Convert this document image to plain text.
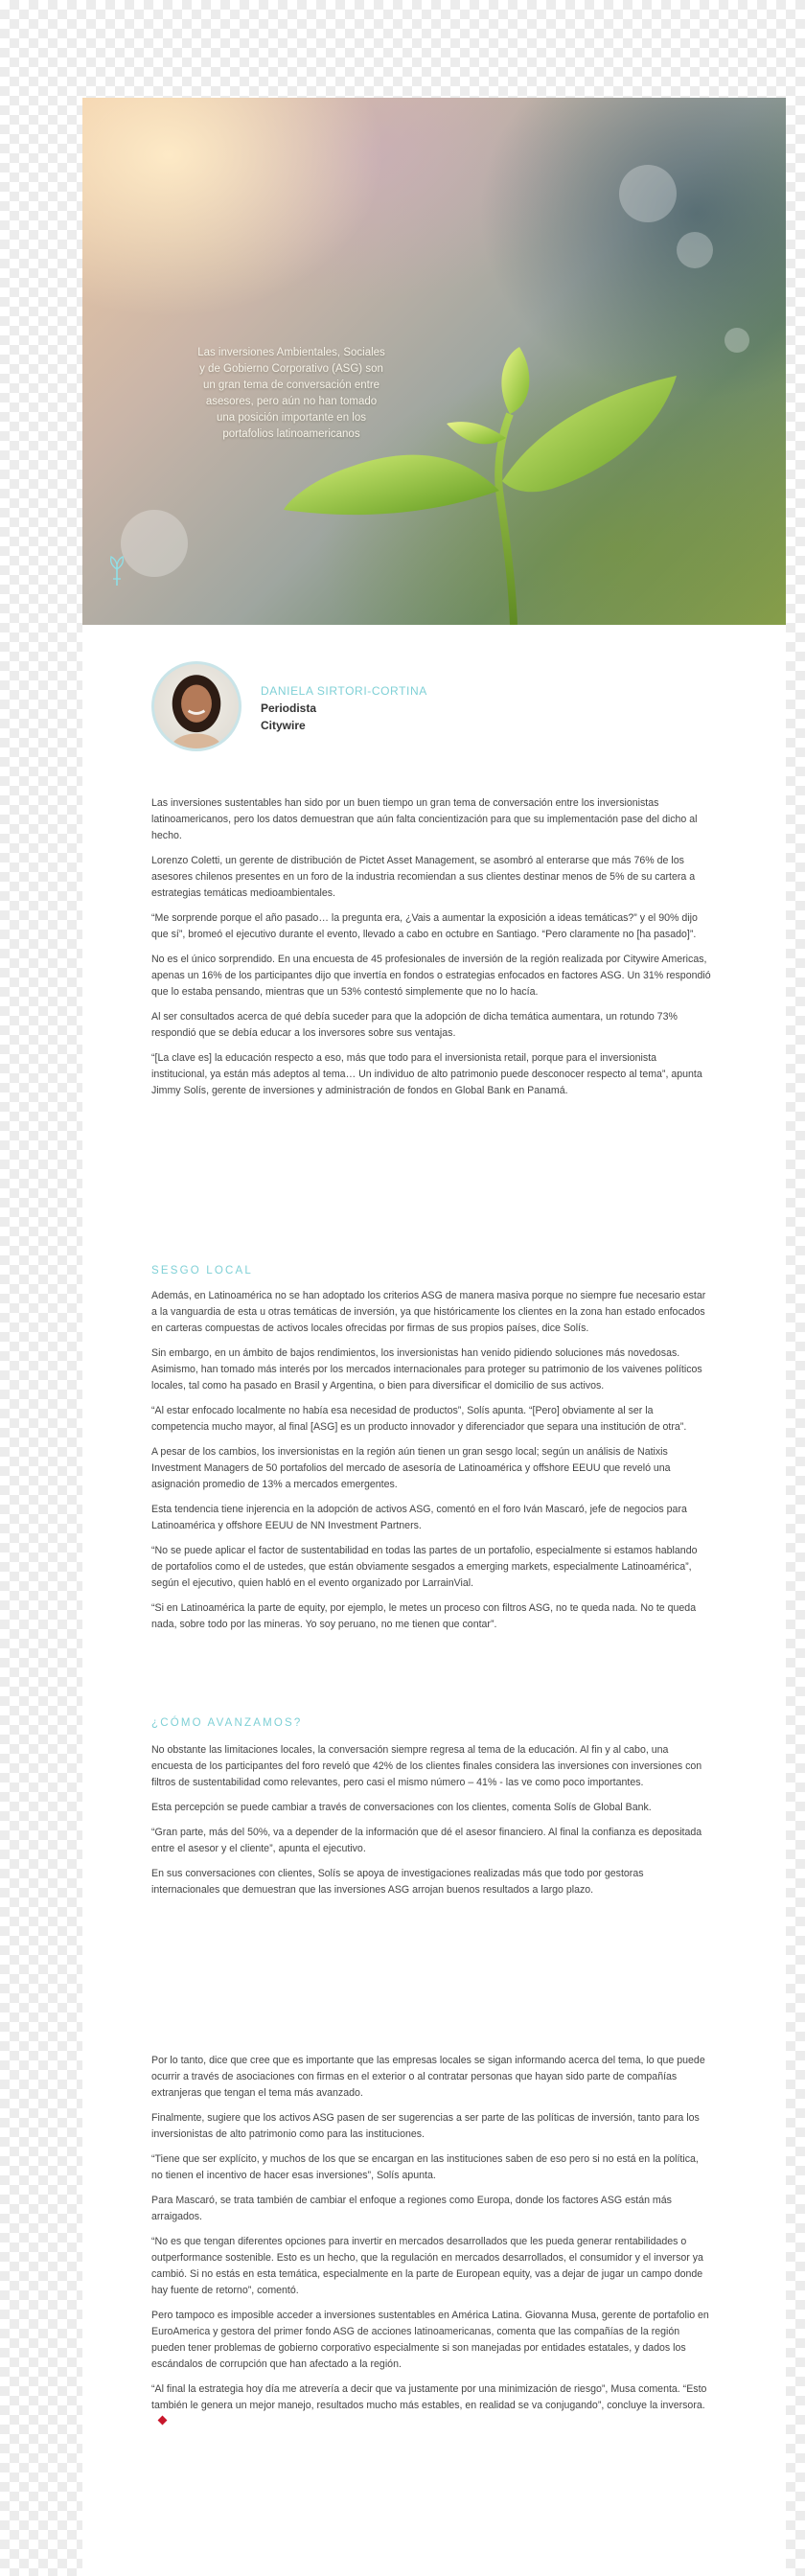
Las inversiones Ambientales, Sociales y de Gobierno Corporativo (ASG) son un gran tema de conversación entre asesores, pero aún no han tomado una posición importante en los portafolios latinoamericanos
DANIELA SIRTORI-CORTINA
Periodista
Citywire

Las inversiones sustentables han sido por un buen tiempo un gran tema de conversación entre los inversionistas latinoamericanos, pero los datos demuestran que aún falta concientización para que su implementación pase del dicho al hecho.

Lorenzo Coletti, un gerente de distribución de Pictet Asset Management, se asombró al enterarse que más 76% de los asesores chilenos presentes en un foro de la industria recomiendan a sus clientes destinar menos de 5% de su cartera a estrategias temáticas medioambientales.

“Me sorprende porque el año pasado… la pregunta era, ¿Vais a aumentar la exposición a ideas temáticas?” y el 90% dijo que sí”, bromeó el ejecutivo durante el evento, llevado a cabo en octubre en Santiago. “Pero claramente no [ha pasado]”.

No es el único sorprendido. En una encuesta de 45 profesionales de inversión de la región realizada por Citywire Americas, apenas un 16% de los participantes dijo que invertía en fondos o estrategias enfocados en factores ASG. Un 31% respondió que lo estaba pensando, mientras que un 53% contestó simplemente que no lo hacía.

Al ser consultados acerca de qué debía suceder para que la adopción de dicha temática aumentara, un rotundo 73% respondió que se debía educar a los inversores sobre sus ventajas.

“[La clave es] la educación respecto a eso, más que todo para el inversionista retail, porque para el inversionista institucional, ya están más adeptos al tema… Un individuo de alto patrimonio puede desconocer respecto al tema”, apunta Jimmy Solís, gerente de inversiones y administración de fondos en Global Bank en Panamá.

SESGO LOCAL

Además, en Latinoamérica no se han adoptado los criterios ASG de manera masiva porque no siempre fue necesario estar a la vanguardia de esta u otras temáticas de inversión, ya que históricamente los clientes en la zona han estado enfocados en carteras compuestas de activos locales ofrecidas por firmas de sus propios países, dice Solís.

Sin embargo, en un ámbito de bajos rendimientos, los inversionistas han venido pidiendo soluciones más novedosas. Asimismo, han tomado más interés por los mercados internacionales para proteger su patrimonio de los vaivenes políticos locales, tal como ha pasado en Brasil y Argentina, o bien para diversificar el domicilio de sus activos.

“Al estar enfocado localmente no había esa necesidad de productos”, Solís apunta. “[Pero] obviamente al ser la competencia mucho mayor, al final [ASG] es un producto innovador y diferenciador que separa una institución de otra”.

A pesar de los cambios, los inversionistas en la región aún tienen un gran sesgo local; según un análisis de Natixis Investment Managers de 50 portafolios del mercado de asesoría de Latinoamérica y offshore EEUU que reveló una asignación promedio de 13% a mercados emergentes.

Esta tendencia tiene injerencia en la adopción de activos ASG, comentó en el foro Iván Mascaró, jefe de negocios para Latinoamérica y offshore EEUU de NN Investment Partners.

“No se puede aplicar el factor de sustentabilidad en todas las partes de un portafolio, especialmente si estamos hablando de portafolios como el de ustedes, que están obviamente sesgados a emerging markets, especialmente Latinoamérica”, según el ejecutivo, quien habló en el evento organizado por LarrainVial.

“Si en Latinoamérica la parte de equity, por ejemplo, le metes un proceso con filtros ASG, no te queda nada. No te queda nada, sobre todo por las mineras. Yo soy peruano, no me tienen que contar”.

¿CÓMO AVANZAMOS?

No obstante las limitaciones locales, la conversación siempre regresa al tema de la educación. Al fin y al cabo, una encuesta de los participantes del foro reveló que 42% de los clientes finales considera las inversiones con inversiones con filtros de sustentabilidad como relevantes, pero casi el mismo número – 41% - las ve como poco importantes.

Esta percepción se puede cambiar a través de conversaciones con los clientes, comenta Solís de Global Bank.

“Gran parte, más del 50%, va a depender de la información que dé el asesor financiero. Al final la confianza es depositada entre el asesor y el cliente”, apunta el ejecutivo.

En sus conversaciones con clientes, Solís se apoya de investigaciones realizadas más que todo por gestoras internacionales que demuestran que las inversiones ASG arrojan buenos resultados a largo plazo.

Por lo tanto, dice que cree que es importante que las empresas locales se sigan informando acerca del tema, lo que puede ocurrir a través de asociaciones con firmas en el exterior o al contratar personas que hayan sido parte de compañías extranjeras que tengan el tema más avanzado.

Finalmente, sugiere que los activos ASG pasen de ser sugerencias a ser parte de las políticas de inversión, tanto para los inversionistas de alto patrimonio como para las instituciones.

“Tiene que ser explícito, y muchos de los que se encargan en las instituciones saben de eso pero si no está en la política, no tienen el incentivo de hacer esas inversiones”, Solís apunta.

Para Mascaró, se trata también de cambiar el enfoque a regiones como Europa, donde los factores ASG están más arraigados.

“No es que tengan diferentes opciones para invertir en mercados desarrollados que les pueda generar rentabilidades o outperformance sostenible. Esto es un hecho, que la regulación en mercados desarrollados, el consumidor y el inversor ya cambió. Si no estás en esta temática, especialmente en la parte de European equity, vas a dejar de jugar un campo donde hay fuente de retorno”, comentó.

Pero tampoco es imposible acceder a inversiones sustentables en América Latina. Giovanna Musa, gerente de portafolio en EuroAmerica y gestora del primer fondo ASG de acciones latinoamericanas, comenta que las compañías de la región pueden tener problemas de gobierno corporativo especialmente si son manejadas por entidades estatales, y dados los escándalos de corrupción que han afectado a la región.

“Al final la estrategia hoy día me atrevería a decir que va justamente por una minimización de riesgo”, Musa comenta. “Esto también le genera un mejor manejo, resultados mucho más estables, en realidad se va conjugando”, concluye la inversora.
